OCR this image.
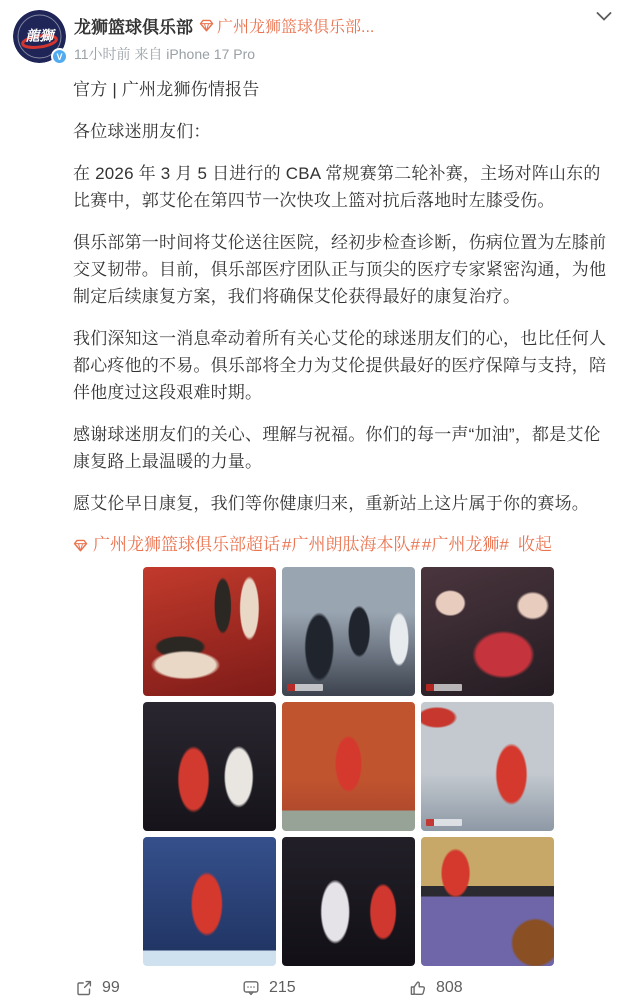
龍獅
V
龙狮篮球俱乐部 广州龙狮篮球俱乐部...
11小时前 来自 iPhone 17 Pro

官方 | 广州龙狮伤情报告

各位球迷朋友们：

在 2026 年 3 月 5 日进行的 CBA 常规赛第二轮补赛，主场对阵山东的比赛中，郭艾伦在第四节一次快攻上篮对抗后落地时左膝受伤。

俱乐部第一时间将艾伦送往医院，经初步检查诊断，伤病位置为左膝前交叉韧带。目前，俱乐部医疗团队正与顶尖的医疗专家紧密沟通，为他制定后续康复方案，我们将确保艾伦获得最好的康复治疗。

我们深知这一消息牵动着所有关心艾伦的球迷朋友们的心，也比任何人都心疼他的不易。俱乐部将全力为艾伦提供最好的医疗保障与支持，陪伴他度过这段艰难时期。

感谢球迷朋友们的关心、理解与祝福。你们的每一声“加油”，都是艾伦康复路上最温暖的力量。

愿艾伦早日康复，我们等你健康归来，重新站上这片属于你的赛场。

广州龙狮篮球俱乐部超话 #广州朗肽海本队# #广州龙狮# 收起
99	215	808
